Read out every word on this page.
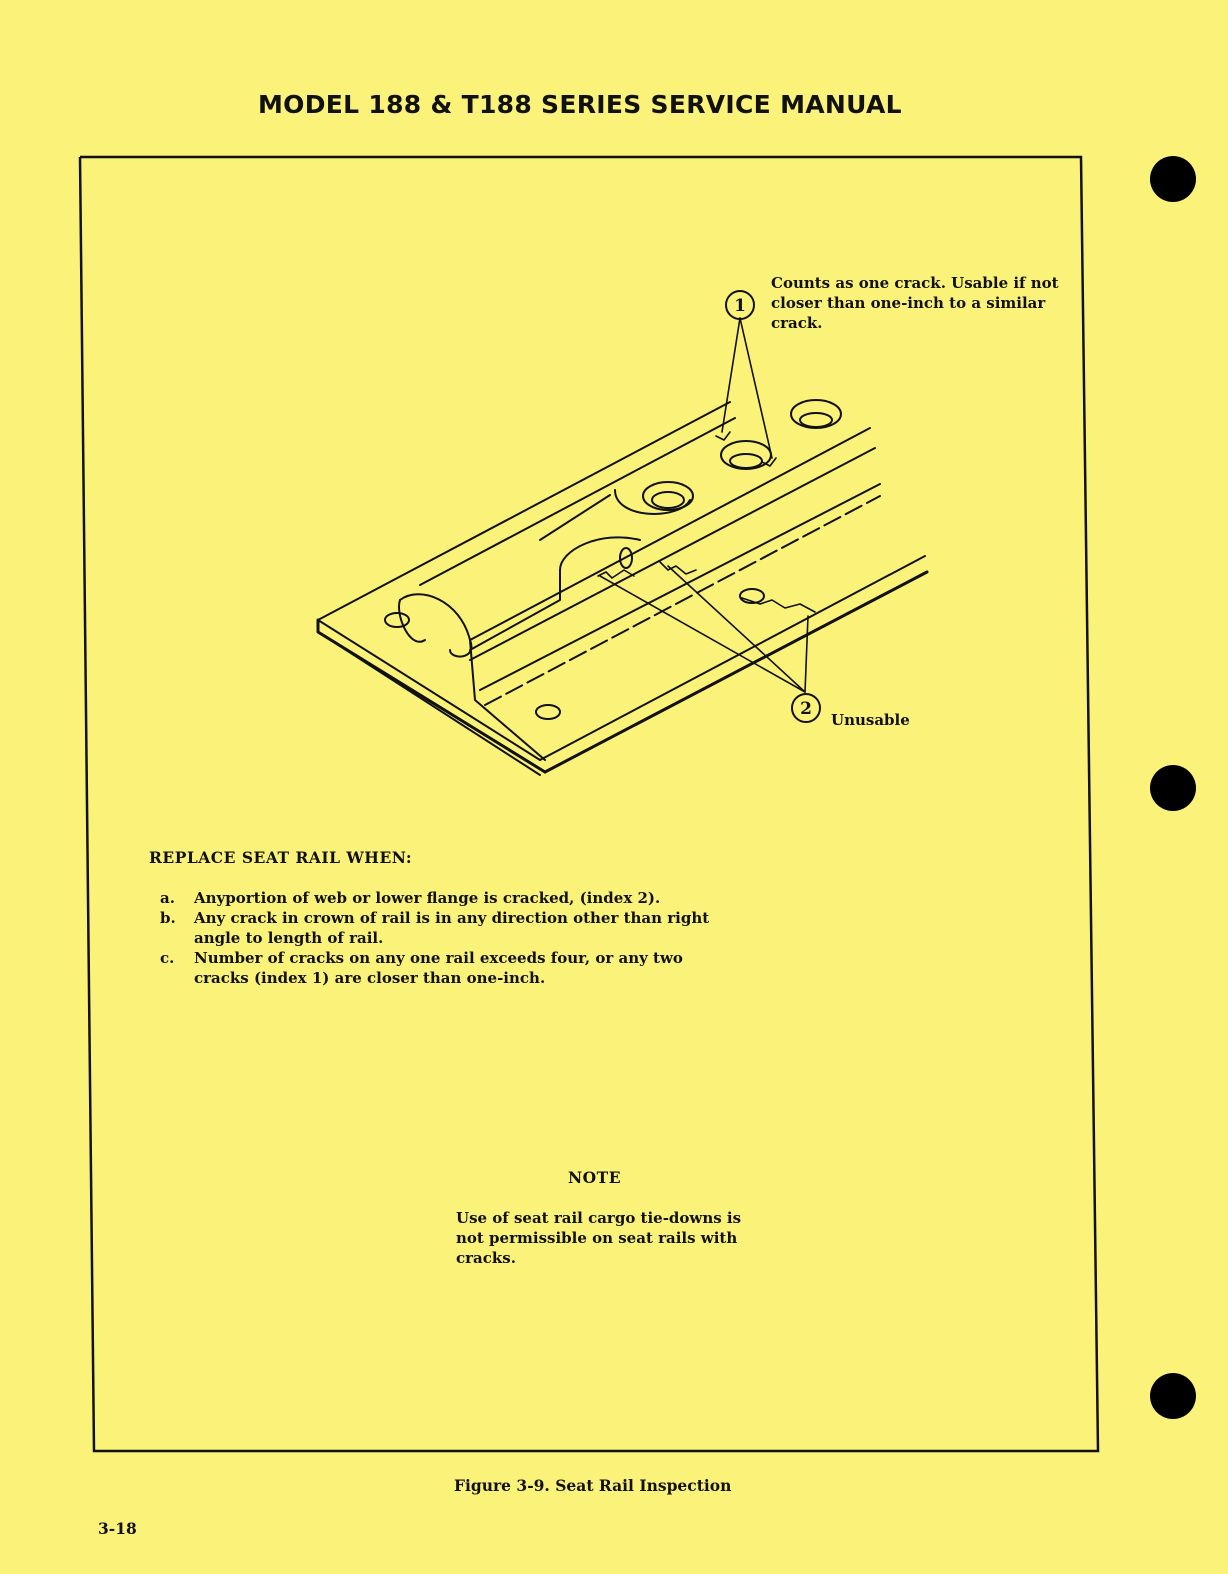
MODEL 188 & T188 SERIES SERVICE MANUAL
1
2
Counts as one crack. Usable if not closer than one-inch to a similar crack.
Unusable
REPLACE SEAT RAIL WHEN:
a.	Anyportion of web or lower flange is cracked, (index 2).
b.	Any crack in crown of rail is in any direction other than right angle to length of rail.
c.	Number of cracks on any one rail exceeds four, or any two cracks (index 1) are closer than one-inch.
NOTE
Use of seat rail cargo tie-downs is not permissible on seat rails with cracks.
Figure 3-9. Seat Rail Inspection
3-18
